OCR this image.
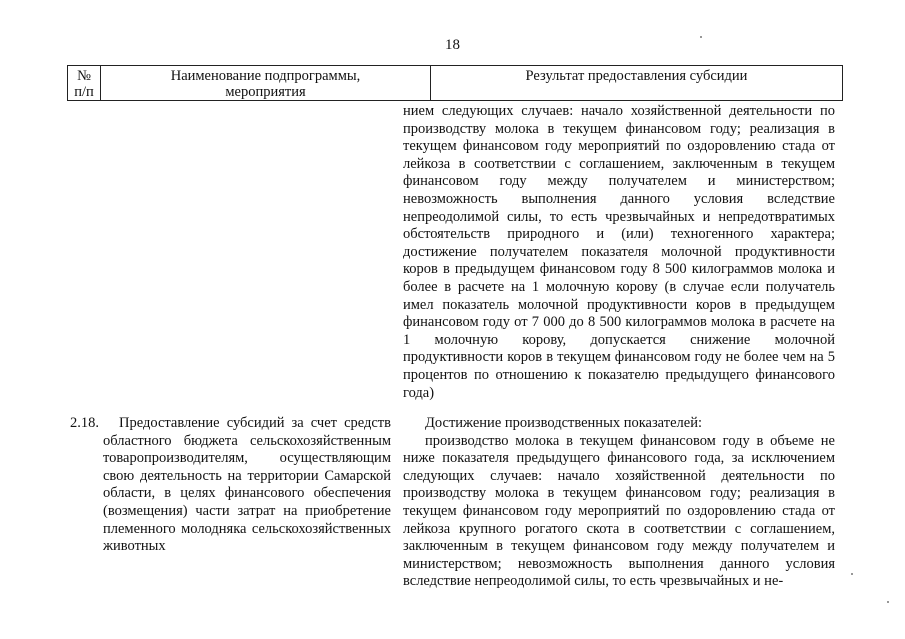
18
№
п/п
Наименование подпрограммы,
мероприятия
Результат предоставления субсидии

нием следующих случаев: начало хозяйственной деятельности по производству молока в текущем финансовом году; реализация в текущем финансовом году мероприятий по оздоровлению стада от лейкоза в соответствии с соглашением, заключенным в текущем финансовом году между получателем и министерством; невозможность выполнения данного условия вследствие непреодолимой силы, то есть чрезвычайных и непредотвратимых обстоятельств природного и (или) техногенного характера; достижение получателем показателя молочной продуктивности коров в предыдущем финансовом году 8 500 килограммов молока и более в расчете на 1 молочную корову (в случае если получатель имел показатель молочной продуктивности коров в предыдущем финансовом году от 7 000 до 8 500 килограммов молока в расчете на 1 молочную корову, допускается снижение молочной продуктивности коров в текущем финансовом году не более чем на 5 процентов по отношению к показателю предыдущего финансового года)

2.18.	Предоставление субсидий за счет средств областного бюджета сельскохозяйственным товаропроизводителям, осуществляющим свою деятельность на территории Самарской области, в целях финансового обеспечения (возмещения) части затрат на приобретение племенного молодняка сельскохозяйственных животных

Достижение производственных показателей:

производство молока в текущем финансовом году в объеме не ниже показателя предыдущего финансового года, за исключением следующих случаев: начало хозяйственной деятельности по производству молока в текущем финансовом году; реализация в текущем финансовом году мероприятий по оздоровлению стада от лейкоза крупного рогатого скота в соответствии с соглашением, заключенным в текущем финансовом году между получателем и министерством; невозможность выполнения данного условия вследствие непреодолимой силы, то есть чрезвычайных и не-
